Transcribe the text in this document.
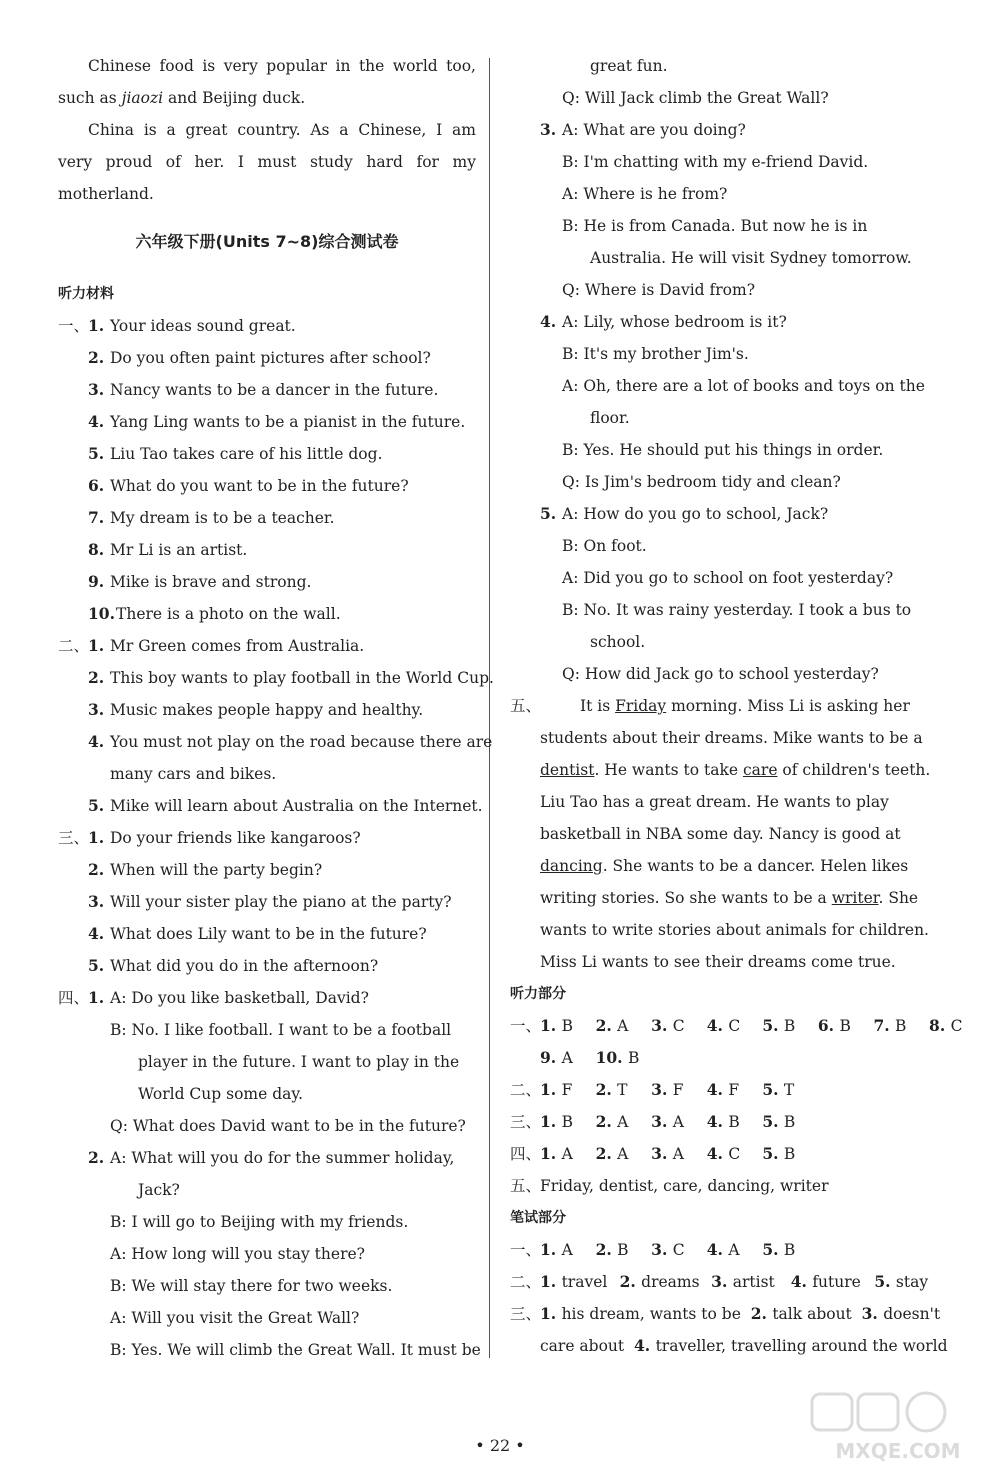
Chinese food is very popular in the world too,
such as jiaozi and Beijing duck.
China is a great country. As a Chinese, I am
very proud of her. I must study hard for my
motherland.
六年级下册(Units 7~8)综合测试卷
听力材料
一、1. Your ideas sound great.
2. Do you often paint pictures after school?
3. Nancy wants to be a dancer in the future.
4. Yang Ling wants to be a pianist in the future.
5. Liu Tao takes care of his little dog.
6. What do you want to be in the future?
7. My dream is to be a teacher.
8. Mr Li is an artist.
9. Mike is brave and strong.
10.There is a photo on the wall.
二、1. Mr Green comes from Australia.
2. This boy wants to play football in the World Cup.
3. Music makes people happy and healthy.
4. You must not play on the road because there are
many cars and bikes.
5. Mike will learn about Australia on the Internet.
三、1. Do your friends like kangaroos?
2. When will the party begin?
3. Will your sister play the piano at the party?
4. What does Lily want to be in the future?
5. What did you do in the afternoon?
四、1. A: Do you like basketball, David?
B: No. I like football. I want to be a football
player in the future. I want to play in the
World Cup some day.
Q: What does David want to be in the future?
2. A: What will you do for the summer holiday,
Jack?
B: I will go to Beijing with my friends.
A: How long will you stay there?
B: We will stay there for two weeks.
A: Will you visit the Great Wall?
B: Yes. We will climb the Great Wall. It must be
great fun.
Q: Will Jack climb the Great Wall?
3. A: What are you doing?
B: I'm chatting with my e-friend David.
A: Where is he from?
B: He is from Canada. But now he is in
Australia. He will visit Sydney tomorrow.
Q: Where is David from?
4. A: Lily, whose bedroom is it?
B: It's my brother Jim's.
A: Oh, there are a lot of books and toys on the
floor.
B: Yes. He should put his things in order.
Q: Is Jim's bedroom tidy and clean?
5. A: How do you go to school, Jack?
B: On foot.
A: Did you go to school on foot yesterday?
B: No. It was rainy yesterday. I took a bus to
school.
Q: How did Jack go to school yesterday?
五、	It is Friday morning. Miss Li is asking her
students about their dreams. Mike wants to be a
dentist. He wants to take care of children's teeth.
Liu Tao has a great dream. He wants to play
basketball in NBA some day. Nancy is good at
dancing. She wants to be a dancer. Helen likes
writing stories. So she wants to be a writer. She
wants to write stories about animals for children.
Miss Li wants to see their dreams come true.
听力部分
一、1. B 2. A 3. C 4. C 5. B 6. B 7. B 8. C
9. A 10. B
二、1. F 2. T 3. F 4. F 5. T
三、1. B 2. A 3. A 4. B 5. B
四、1. A 2. A 3. A 4. C 5. B
五、Friday, dentist, care, dancing, writer
笔试部分
一、1. A 2. B 3. C 4. A 5. B
二、1. travel 2. dreams 3. artist 4. future 5. stay
三、1. his dream, wants to be 2. talk about 3. doesn't
care about 4. traveller, travelling around the world
• 22 •	MXQE.COM
